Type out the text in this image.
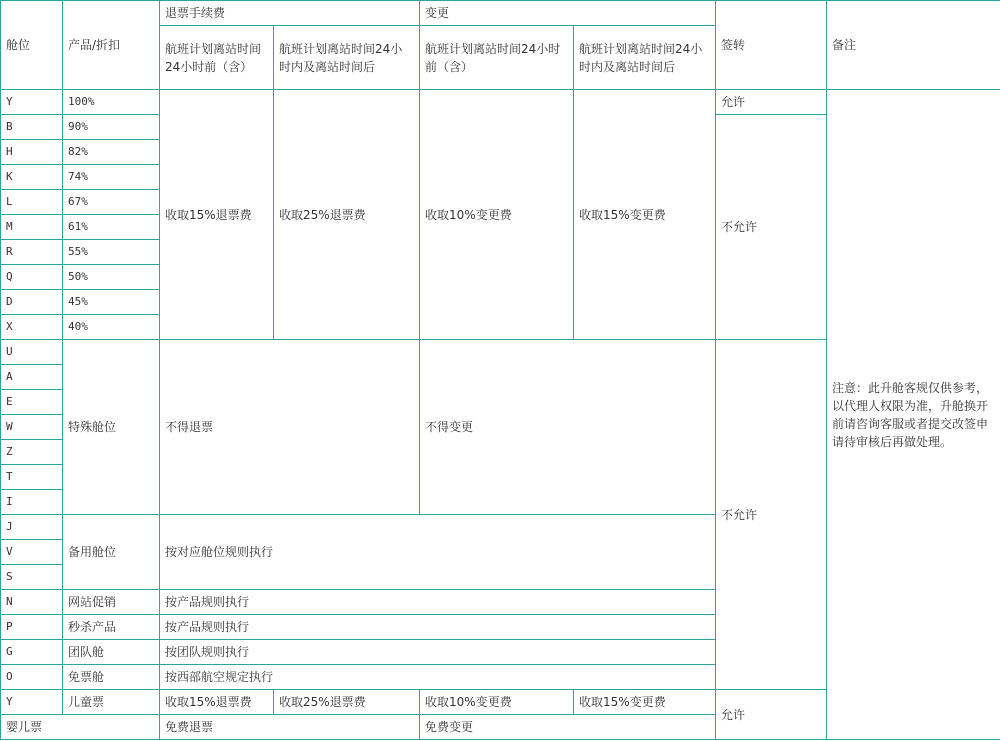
舱位	产品/折扣	退票手续费		变更		签转	备注
		航班计划离站时间24小时前（含）	航班计划离站时间24小时内及离站时间后	航班计划离站时间24小时前（含）	航班计划离站时间24小时内及离站时间后		
Y	100%	收取15%退票费	收取25%退票费	收取10%变更费	收取15%变更费	允许	注意：此升舱客规仅供参考，以代理人权限为准，升舱换开前请咨询客服或者提交改签申请待审核后再做处理。
B	90%					不允许	
H	82%						
K	74%						
L	67%						
M	61%						
R	55%						
Q	50%						
D	45%						
X	40%						
U	特殊舱位	不得退票		不得变更		不允许	
A							
E							
W							
Z							
T							
I							
J	备用舱位	按对应舱位规则执行					
V							
S							
N	网站促销	按产品规则执行					
P	秒杀产品	按产品规则执行					
G	团队舱	按团队规则执行					
O	免票舱	按西部航空规定执行					
Y	儿童票	收取15%退票费	收取25%退票费	收取10%变更费	收取15%变更费	允许	
婴儿票		免费退票		免费变更			
